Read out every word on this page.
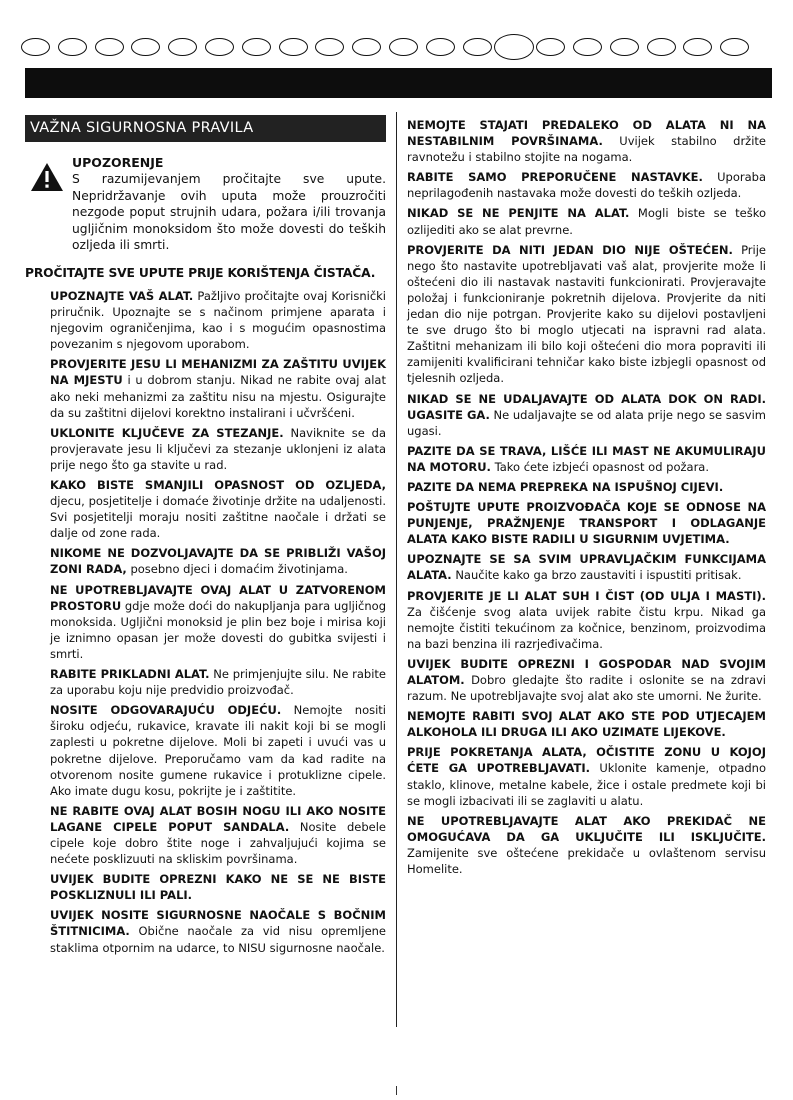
VAŽNA SIGURNOSNA PRAVILA
UPOZORENJE
S razumijevanjem pročitajte sve upute. Nepridržavanje ovih uputa može prouzročiti nezgode poput strujnih udara, požara i/ili trovanja ugljičnim monoksidom što može dovesti do teških ozljeda ili smrti.
PROČITAJTE SVE UPUTE PRIJE KORIŠTENJA ČISTAČA.

UPOZNAJTE VAŠ ALAT. Pažljivo pročitajte ovaj Korisnički priručnik. Upoznajte se s načinom primjene aparata i njegovim ograničenjima, kao i s mogućim opasnostima povezanim s njegovom uporabom.

PROVJERITE JESU LI MEHANIZMI ZA ZAŠTITU UVIJEK NA MJESTU i u dobrom stanju. Nikad ne rabite ovaj alat ako neki mehanizmi za zaštitu nisu na mjestu. Osigurajte da su zaštitni dijelovi korektno instalirani i učvršćeni.

UKLONITE KLJUČEVE ZA STEZANJE. Naviknite se da provjeravate jesu li ključevi za stezanje uklonjeni iz alata prije nego što ga stavite u rad.

KAKO BISTE SMANJILI OPASNOST OD OZLJEDA, djecu, posjetitelje i domaće životinje držite na udaljenosti. Svi posjetitelji moraju nositi zaštitne naočale i držati se dalje od zone rada.

NIKOME NE DOZVOLJAVAJTE DA SE PRIBLIŽI VAŠOJ ZONI RADA, posebno djeci i domaćim životinjama.

NE UPOTREBLJAVAJTE OVAJ ALAT U ZATVORENOM PROSTORU gdje može doći do nakupljanja para ugljičnog monoksida. Ugljični monoksid je plin bez boje i mirisa koji je iznimno opasan jer može dovesti do gubitka svijesti i smrti.

RABITE PRIKLADNI ALAT. Ne primjenjujte silu. Ne rabite za uporabu koju nije predvidio proizvođač.

NOSITE ODGOVARAJUĆU ODJEĆU. Nemojte nositi široku odjeću, rukavice, kravate ili nakit koji bi se mogli zaplesti u pokretne dijelove. Moli bi zapeti i uvući vas u pokretne dijelove. Preporučamo vam da kad radite na otvorenom nosite gumene rukavice i protuklizne cipele. Ako imate dugu kosu, pokrijte je i zaštitite.

NE RABITE OVAJ ALAT BOSIH NOGU ILI AKO NOSITE LAGANE CIPELE POPUT SANDALA. Nosite debele cipele koje dobro štite noge i zahvaljujući kojima se nećete posklizuuti na skliskim površinama.

UVIJEK BUDITE OPREZNI KAKO NE SE NE BISTE POSKLIZNULI ILI PALI.

UVIJEK NOSITE SIGURNOSNE NAOČALE S BOČNIM ŠTITNICIMA. Obične naočale za vid nisu opremljene staklima otpornim na udarce, to NISU sigurnosne naočale.

NEMOJTE STAJATI PREDALEKO OD ALATA NI NA NESTABILNIM POVRŠINAMA. Uvijek stabilno držite ravnotežu i stabilno stojite na nogama.

RABITE SAMO PREPORUČENE NASTAVKE. Uporaba neprilagođenih nastavaka može dovesti do teških ozljeda.

NIKAD SE NE PENJITE NA ALAT. Mogli biste se teško ozlijediti ako se alat prevrne.

PROVJERITE DA NITI JEDAN DIO NIJE OŠTEĆEN. Prije nego što nastavite upotrebljavati vaš alat, provjerite može li oštećeni dio ili nastavak nastaviti funkcionirati. Provjeravajte položaj i funkcioniranje pokretnih dijelova. Provjerite da niti jedan dio nije potrgan. Provjerite kako su dijelovi postavljeni te sve drugo što bi moglo utjecati na ispravni rad alata. Zaštitni mehanizam ili bilo koji oštećeni dio mora popraviti ili zamijeniti kvalificirani tehničar kako biste izbjegli opasnost od tjelesnih ozljeda.

NIKAD SE NE UDALJAVAJTE OD ALATA DOK ON RADI. UGASITE GA. Ne udaljavajte se od alata prije nego se sasvim ugasi.

PAZITE DA SE TRAVA, LIŠĆE ILI MAST NE AKUMULIRAJU NA MOTORU. Tako ćete izbjeći opasnost od požara.

PAZITE DA NEMA PREPREKA NA ISPUŠNOJ CIJEVI.

POŠTUJTE UPUTE PROIZVOĐAČA KOJE SE ODNOSE NA PUNJENJE, PRAŽNJENJE TRANSPORT I ODLAGANJE ALATA KAKO BISTE RADILI U SIGURNIM UVJETIMA.

UPOZNAJTE SE SA SVIM UPRAVLJAČKIM FUNKCIJAMA ALATA. Naučite kako ga brzo zaustaviti i ispustiti pritisak.

PROVJERITE JE LI ALAT SUH I ČIST (OD ULJA I MASTI). Za čišćenje svog alata uvijek rabite čistu krpu. Nikad ga nemojte čistiti tekućinom za kočnice, benzinom, proizvodima na bazi benzina ili razrjeđivačima.

UVIJEK BUDITE OPREZNI I GOSPODAR NAD SVOJIM ALATOM. Dobro gledajte što radite i oslonite se na zdravi razum. Ne upotrebljavajte svoj alat ako ste umorni. Ne žurite.

NEMOJTE RABITI SVOJ ALAT AKO STE POD UTJECAJEM ALKOHOLA ILI DRUGA ILI AKO UZIMATE LIJEKOVE.

PRIJE POKRETANJA ALATA, OČISTITE ZONU U KOJOJ ĆETE GA UPOTREBLJAVATI. Uklonite kamenje, otpadno staklo, klinove, metalne kabele, žice i ostale predmete koji bi se mogli izbacivati ili se zaglaviti u alatu.

NE UPOTREBLJAVAJTE ALAT AKO PREKIDAČ NE OMOGUĆAVA DA GA UKLJUČITE ILI ISKLJUČITE. Zamijenite sve oštećene prekidače u ovlaštenom servisu Homelite.
